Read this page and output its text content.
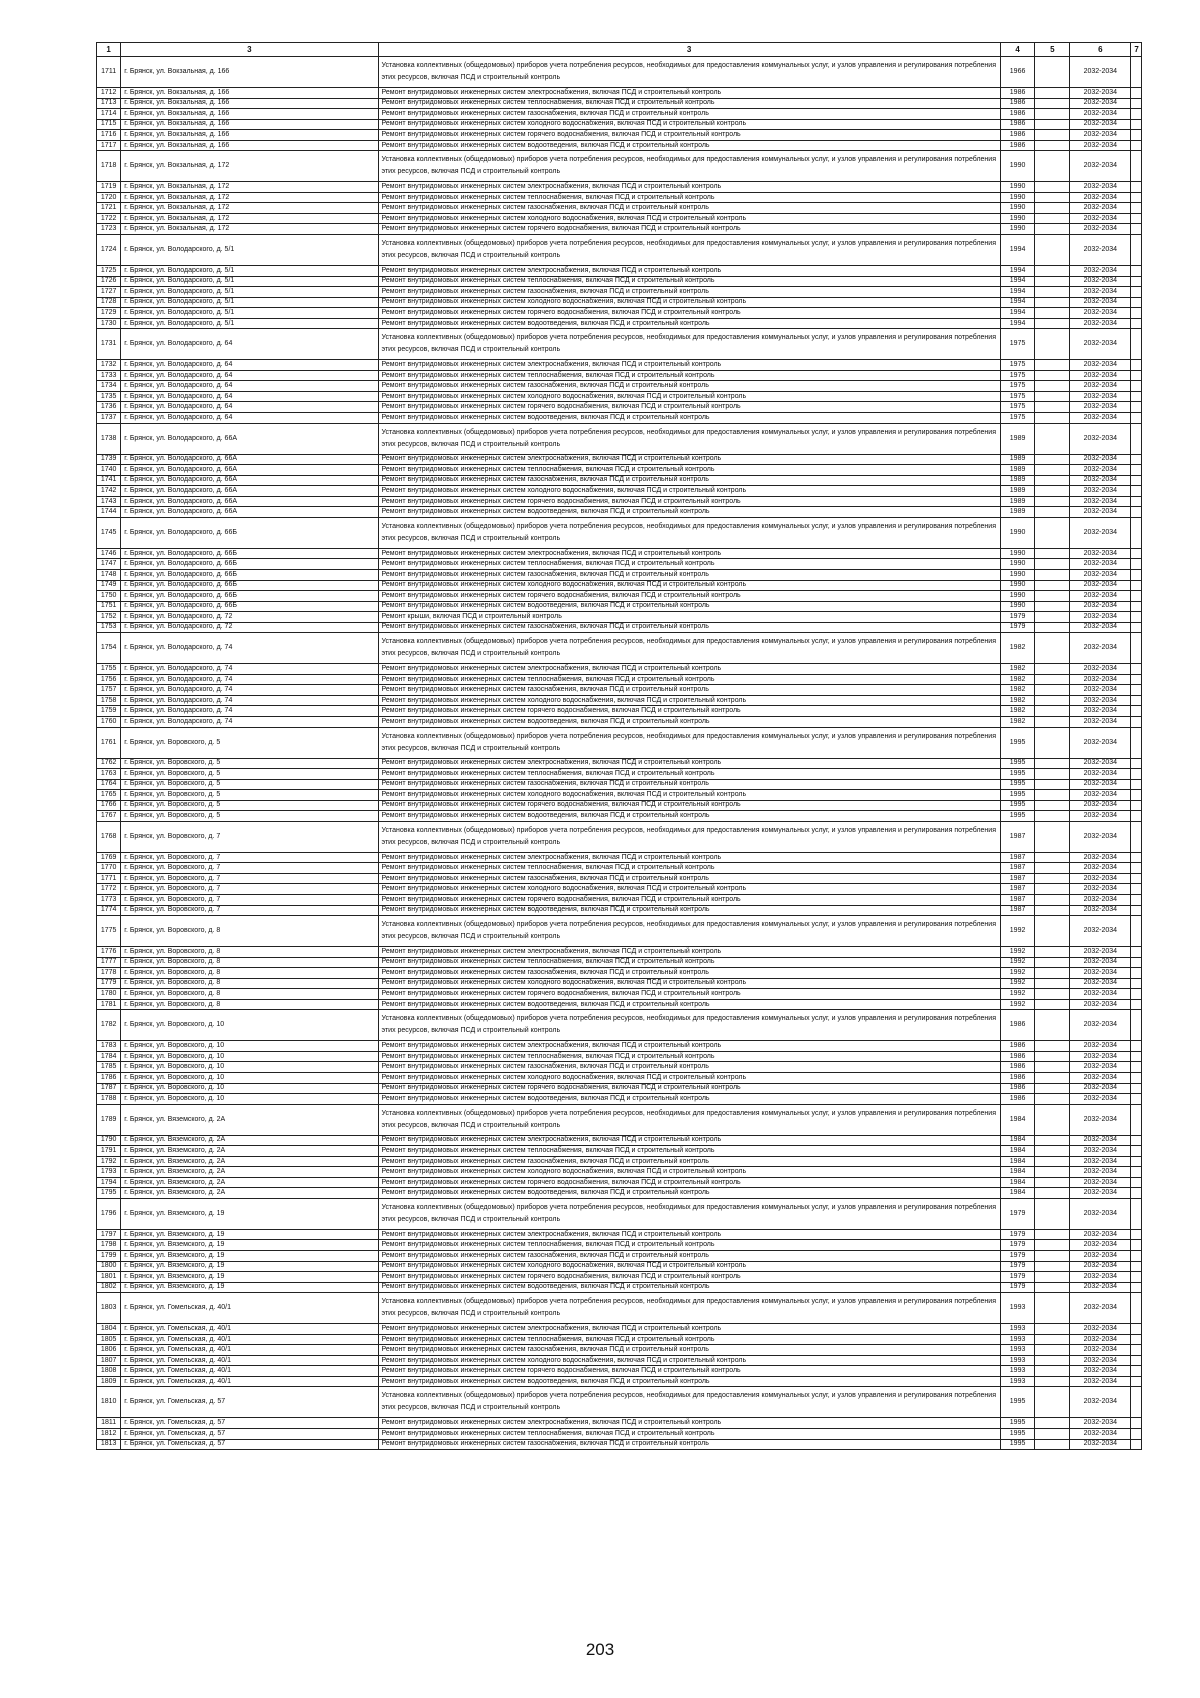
1	3	3	4	5	6	7
1711	г. Брянск, ул. Вокзальная, д. 166	Установка коллективных (общедомовых) приборов учета потребления ресурсов, необходимых для предоставления коммунальных услуг, и узлов управления и регулирования потребления этих ресурсов, включая ПСД и строительный контроль	1966		2032-2034	
1712	г. Брянск, ул. Вокзальная, д. 166	Ремонт внутридомовых инженерных систем электроснабжения, включая ПСД и строительный контроль	1986		2032-2034	
1713	г. Брянск, ул. Вокзальная, д. 166	Ремонт внутридомовых инженерных систем теплоснабжения, включая ПСД и строительный контроль	1986		2032-2034	
1714	г. Брянск, ул. Вокзальная, д. 166	Ремонт внутридомовых инженерных систем газоснабжения, включая ПСД и строительный контроль	1986		2032-2034	
1715	г. Брянск, ул. Вокзальная, д. 166	Ремонт внутридомовых инженерных систем холодного водоснабжения, включая ПСД и строительный контроль	1986		2032-2034	
1716	г. Брянск, ул. Вокзальная, д. 166	Ремонт внутридомовых инженерных систем горячего водоснабжения, включая ПСД и строительный контроль	1986		2032-2034	
1717	г. Брянск, ул. Вокзальная, д. 166	Ремонт внутридомовых инженерных систем водоотведения, включая ПСД и строительный контроль	1986		2032-2034	
1718	г. Брянск, ул. Вокзальная, д. 172	Установка коллективных (общедомовых) приборов учета потребления ресурсов, необходимых для предоставления коммунальных услуг, и узлов управления и регулирования потребления этих ресурсов, включая ПСД и строительный контроль	1990		2032-2034	
1719	г. Брянск, ул. Вокзальная, д. 172	Ремонт внутридомовых инженерных систем электроснабжения, включая ПСД и строительный контроль	1990		2032-2034	
1720	г. Брянск, ул. Вокзальная, д. 172	Ремонт внутридомовых инженерных систем теплоснабжения, включая ПСД и строительный контроль	1990		2032-2034	
1721	г. Брянск, ул. Вокзальная, д. 172	Ремонт внутридомовых инженерных систем газоснабжения, включая ПСД и строительный контроль	1990		2032-2034	
1722	г. Брянск, ул. Вокзальная, д. 172	Ремонт внутридомовых инженерных систем холодного водоснабжения, включая ПСД и строительный контроль	1990		2032-2034	
1723	г. Брянск, ул. Вокзальная, д. 172	Ремонт внутридомовых инженерных систем горячего водоснабжения, включая ПСД и строительный контроль	1990		2032-2034	
1724	г. Брянск, ул. Володарского, д. 5/1	Установка коллективных (общедомовых) приборов учета потребления ресурсов, необходимых для предоставления коммунальных услуг, и узлов управления и регулирования потребления этих ресурсов, включая ПСД и строительный контроль	1994		2032-2034	
1725	г. Брянск, ул. Володарского, д. 5/1	Ремонт внутридомовых инженерных систем электроснабжения, включая ПСД и строительный контроль	1994		2032-2034	
1726	г. Брянск, ул. Володарского, д. 5/1	Ремонт внутридомовых инженерных систем теплоснабжения, включая ПСД и строительный контроль	1994		2032-2034	
1727	г. Брянск, ул. Володарского, д. 5/1	Ремонт внутридомовых инженерных систем газоснабжения, включая ПСД и строительный контроль	1994		2032-2034	
1728	г. Брянск, ул. Володарского, д. 5/1	Ремонт внутридомовых инженерных систем холодного водоснабжения, включая ПСД и строительный контроль	1994		2032-2034	
1729	г. Брянск, ул. Володарского, д. 5/1	Ремонт внутридомовых инженерных систем горячего водоснабжения, включая ПСД и строительный контроль	1994		2032-2034	
1730	г. Брянск, ул. Володарского, д. 5/1	Ремонт внутридомовых инженерных систем водоотведения, включая ПСД и строительный контроль	1994		2032-2034	
1731	г. Брянск, ул. Володарского, д. 64	Установка коллективных (общедомовых) приборов учета потребления ресурсов, необходимых для предоставления коммунальных услуг, и узлов управления и регулирования потребления этих ресурсов, включая ПСД и строительный контроль	1975		2032-2034	
1732	г. Брянск, ул. Володарского, д. 64	Ремонт внутридомовых инженерных систем электроснабжения, включая ПСД и строительный контроль	1975		2032-2034	
1733	г. Брянск, ул. Володарского, д. 64	Ремонт внутридомовых инженерных систем теплоснабжения, включая ПСД и строительный контроль	1975		2032-2034	
1734	г. Брянск, ул. Володарского, д. 64	Ремонт внутридомовых инженерных систем газоснабжения, включая ПСД и строительный контроль	1975		2032-2034	
1735	г. Брянск, ул. Володарского, д. 64	Ремонт внутридомовых инженерных систем холодного водоснабжения, включая ПСД и строительный контроль	1975		2032-2034	
1736	г. Брянск, ул. Володарского, д. 64	Ремонт внутридомовых инженерных систем горячего водоснабжения, включая ПСД и строительный контроль	1975		2032-2034	
1737	г. Брянск, ул. Володарского, д. 64	Ремонт внутридомовых инженерных систем водоотведения, включая ПСД и строительный контроль	1975		2032-2034	
1738	г. Брянск, ул. Володарского, д. 66А	Установка коллективных (общедомовых) приборов учета потребления ресурсов, необходимых для предоставления коммунальных услуг, и узлов управления и регулирования потребления этих ресурсов, включая ПСД и строительный контроль	1989		2032-2034	
1739	г. Брянск, ул. Володарского, д. 66А	Ремонт внутридомовых инженерных систем электроснабжения, включая ПСД и строительный контроль	1989		2032-2034	
1740	г. Брянск, ул. Володарского, д. 66А	Ремонт внутридомовых инженерных систем теплоснабжения, включая ПСД и строительный контроль	1989		2032-2034	
1741	г. Брянск, ул. Володарского, д. 66А	Ремонт внутридомовых инженерных систем газоснабжения, включая ПСД и строительный контроль	1989		2032-2034	
1742	г. Брянск, ул. Володарского, д. 66А	Ремонт внутридомовых инженерных систем холодного водоснабжения, включая ПСД и строительный контроль	1989		2032-2034	
1743	г. Брянск, ул. Володарского, д. 66А	Ремонт внутридомовых инженерных систем горячего водоснабжения, включая ПСД и строительный контроль	1989		2032-2034	
1744	г. Брянск, ул. Володарского, д. 66А	Ремонт внутридомовых инженерных систем водоотведения, включая ПСД и строительный контроль	1989		2032-2034	
1745	г. Брянск, ул. Володарского, д. 66Б	Установка коллективных (общедомовых) приборов учета потребления ресурсов, необходимых для предоставления коммунальных услуг, и узлов управления и регулирования потребления этих ресурсов, включая ПСД и строительный контроль	1990		2032-2034	
1746	г. Брянск, ул. Володарского, д. 66Б	Ремонт внутридомовых инженерных систем электроснабжения, включая ПСД и строительный контроль	1990		2032-2034	
1747	г. Брянск, ул. Володарского, д. 66Б	Ремонт внутридомовых инженерных систем теплоснабжения, включая ПСД и строительный контроль	1990		2032-2034	
1748	г. Брянск, ул. Володарского, д. 66Б	Ремонт внутридомовых инженерных систем газоснабжения, включая ПСД и строительный контроль	1990		2032-2034	
1749	г. Брянск, ул. Володарского, д. 66Б	Ремонт внутридомовых инженерных систем холодного водоснабжения, включая ПСД и строительный контроль	1990		2032-2034	
1750	г. Брянск, ул. Володарского, д. 66Б	Ремонт внутридомовых инженерных систем горячего водоснабжения, включая ПСД и строительный контроль	1990		2032-2034	
1751	г. Брянск, ул. Володарского, д. 66Б	Ремонт внутридомовых инженерных систем водоотведения, включая ПСД и строительный контроль	1990		2032-2034	
1752	г. Брянск, ул. Володарского, д. 72	Ремонт крыши, включая ПСД и строительный контроль	1979		2032-2034	
1753	г. Брянск, ул. Володарского, д. 72	Ремонт внутридомовых инженерных систем газоснабжения, включая ПСД и строительный контроль	1979		2032-2034	
1754	г. Брянск, ул. Володарского, д. 74	Установка коллективных (общедомовых) приборов учета потребления ресурсов, необходимых для предоставления коммунальных услуг, и узлов управления и регулирования потребления этих ресурсов, включая ПСД и строительный контроль	1982		2032-2034	
1755	г. Брянск, ул. Володарского, д. 74	Ремонт внутридомовых инженерных систем электроснабжения, включая ПСД и строительный контроль	1982		2032-2034	
1756	г. Брянск, ул. Володарского, д. 74	Ремонт внутридомовых инженерных систем теплоснабжения, включая ПСД и строительный контроль	1982		2032-2034	
1757	г. Брянск, ул. Володарского, д. 74	Ремонт внутридомовых инженерных систем газоснабжения, включая ПСД и строительный контроль	1982		2032-2034	
1758	г. Брянск, ул. Володарского, д. 74	Ремонт внутридомовых инженерных систем холодного водоснабжения, включая ПСД и строительный контроль	1982		2032-2034	
1759	г. Брянск, ул. Володарского, д. 74	Ремонт внутридомовых инженерных систем горячего водоснабжения, включая ПСД и строительный контроль	1982		2032-2034	
1760	г. Брянск, ул. Володарского, д. 74	Ремонт внутридомовых инженерных систем водоотведения, включая ПСД и строительный контроль	1982		2032-2034	
1761	г. Брянск, ул. Воровского, д. 5	Установка коллективных (общедомовых) приборов учета потребления ресурсов, необходимых для предоставления коммунальных услуг, и узлов управления и регулирования потребления этих ресурсов, включая ПСД и строительный контроль	1995		2032-2034	
1762	г. Брянск, ул. Воровского, д. 5	Ремонт внутридомовых инженерных систем электроснабжения, включая ПСД и строительный контроль	1995		2032-2034	
1763	г. Брянск, ул. Воровского, д. 5	Ремонт внутридомовых инженерных систем теплоснабжения, включая ПСД и строительный контроль	1995		2032-2034	
1764	г. Брянск, ул. Воровского, д. 5	Ремонт внутридомовых инженерных систем газоснабжения, включая ПСД и строительный контроль	1995		2032-2034	
1765	г. Брянск, ул. Воровского, д. 5	Ремонт внутридомовых инженерных систем холодного водоснабжения, включая ПСД и строительный контроль	1995		2032-2034	
1766	г. Брянск, ул. Воровского, д. 5	Ремонт внутридомовых инженерных систем горячего водоснабжения, включая ПСД и строительный контроль	1995		2032-2034	
1767	г. Брянск, ул. Воровского, д. 5	Ремонт внутридомовых инженерных систем водоотведения, включая ПСД и строительный контроль	1995		2032-2034	
1768	г. Брянск, ул. Воровского, д. 7	Установка коллективных (общедомовых) приборов учета потребления ресурсов, необходимых для предоставления коммунальных услуг, и узлов управления и регулирования потребления этих ресурсов, включая ПСД и строительный контроль	1987		2032-2034	
1769	г. Брянск, ул. Воровского, д. 7	Ремонт внутридомовых инженерных систем электроснабжения, включая ПСД и строительный контроль	1987		2032-2034	
1770	г. Брянск, ул. Воровского, д. 7	Ремонт внутридомовых инженерных систем теплоснабжения, включая ПСД и строительный контроль	1987		2032-2034	
1771	г. Брянск, ул. Воровского, д. 7	Ремонт внутридомовых инженерных систем газоснабжения, включая ПСД и строительный контроль	1987		2032-2034	
1772	г. Брянск, ул. Воровского, д. 7	Ремонт внутридомовых инженерных систем холодного водоснабжения, включая ПСД и строительный контроль	1987		2032-2034	
1773	г. Брянск, ул. Воровского, д. 7	Ремонт внутридомовых инженерных систем горячего водоснабжения, включая ПСД и строительный контроль	1987		2032-2034	
1774	г. Брянск, ул. Воровского, д. 7	Ремонт внутридомовых инженерных систем водоотведения, включая ПСД и строительный контроль	1987		2032-2034	
1775	г. Брянск, ул. Воровского, д. 8	Установка коллективных (общедомовых) приборов учета потребления ресурсов, необходимых для предоставления коммунальных услуг, и узлов управления и регулирования потребления этих ресурсов, включая ПСД и строительный контроль	1992		2032-2034	
1776	г. Брянск, ул. Воровского, д. 8	Ремонт внутридомовых инженерных систем электроснабжения, включая ПСД и строительный контроль	1992		2032-2034	
1777	г. Брянск, ул. Воровского, д. 8	Ремонт внутридомовых инженерных систем теплоснабжения, включая ПСД и строительный контроль	1992		2032-2034	
1778	г. Брянск, ул. Воровского, д. 8	Ремонт внутридомовых инженерных систем газоснабжения, включая ПСД и строительный контроль	1992		2032-2034	
1779	г. Брянск, ул. Воровского, д. 8	Ремонт внутридомовых инженерных систем холодного водоснабжения, включая ПСД и строительный контроль	1992		2032-2034	
1780	г. Брянск, ул. Воровского, д. 8	Ремонт внутридомовых инженерных систем горячего водоснабжения, включая ПСД и строительный контроль	1992		2032-2034	
1781	г. Брянск, ул. Воровского, д. 8	Ремонт внутридомовых инженерных систем водоотведения, включая ПСД и строительный контроль	1992		2032-2034	
1782	г. Брянск, ул. Воровского, д. 10	Установка коллективных (общедомовых) приборов учета потребления ресурсов, необходимых для предоставления коммунальных услуг, и узлов управления и регулирования потребления этих ресурсов, включая ПСД и строительный контроль	1986		2032-2034	
1783	г. Брянск, ул. Воровского, д. 10	Ремонт внутридомовых инженерных систем электроснабжения, включая ПСД и строительный контроль	1986		2032-2034	
1784	г. Брянск, ул. Воровского, д. 10	Ремонт внутридомовых инженерных систем теплоснабжения, включая ПСД и строительный контроль	1986		2032-2034	
1785	г. Брянск, ул. Воровского, д. 10	Ремонт внутридомовых инженерных систем газоснабжения, включая ПСД и строительный контроль	1986		2032-2034	
1786	г. Брянск, ул. Воровского, д. 10	Ремонт внутридомовых инженерных систем холодного водоснабжения, включая ПСД и строительный контроль	1986		2032-2034	
1787	г. Брянск, ул. Воровского, д. 10	Ремонт внутридомовых инженерных систем горячего водоснабжения, включая ПСД и строительный контроль	1986		2032-2034	
1788	г. Брянск, ул. Воровского, д. 10	Ремонт внутридомовых инженерных систем водоотведения, включая ПСД и строительный контроль	1986		2032-2034	
1789	г. Брянск, ул. Вяземского, д. 2А	Установка коллективных (общедомовых) приборов учета потребления ресурсов, необходимых для предоставления коммунальных услуг, и узлов управления и регулирования потребления этих ресурсов, включая ПСД и строительный контроль	1984		2032-2034	
1790	г. Брянск, ул. Вяземского, д. 2А	Ремонт внутридомовых инженерных систем электроснабжения, включая ПСД и строительный контроль	1984		2032-2034	
1791	г. Брянск, ул. Вяземского, д. 2А	Ремонт внутридомовых инженерных систем теплоснабжения, включая ПСД и строительный контроль	1984		2032-2034	
1792	г. Брянск, ул. Вяземского, д. 2А	Ремонт внутридомовых инженерных систем газоснабжения, включая ПСД и строительный контроль	1984		2032-2034	
1793	г. Брянск, ул. Вяземского, д. 2А	Ремонт внутридомовых инженерных систем холодного водоснабжения, включая ПСД и строительный контроль	1984		2032-2034	
1794	г. Брянск, ул. Вяземского, д. 2А	Ремонт внутридомовых инженерных систем горячего водоснабжения, включая ПСД и строительный контроль	1984		2032-2034	
1795	г. Брянск, ул. Вяземского, д. 2А	Ремонт внутридомовых инженерных систем водоотведения, включая ПСД и строительный контроль	1984		2032-2034	
1796	г. Брянск, ул. Вяземского, д. 19	Установка коллективных (общедомовых) приборов учета потребления ресурсов, необходимых для предоставления коммунальных услуг, и узлов управления и регулирования потребления этих ресурсов, включая ПСД и строительный контроль	1979		2032-2034	
1797	г. Брянск, ул. Вяземского, д. 19	Ремонт внутридомовых инженерных систем электроснабжения, включая ПСД и строительный контроль	1979		2032-2034	
1798	г. Брянск, ул. Вяземского, д. 19	Ремонт внутридомовых инженерных систем теплоснабжения, включая ПСД и строительный контроль	1979		2032-2034	
1799	г. Брянск, ул. Вяземского, д. 19	Ремонт внутридомовых инженерных систем газоснабжения, включая ПСД и строительный контроль	1979		2032-2034	
1800	г. Брянск, ул. Вяземского, д. 19	Ремонт внутридомовых инженерных систем холодного водоснабжения, включая ПСД и строительный контроль	1979		2032-2034	
1801	г. Брянск, ул. Вяземского, д. 19	Ремонт внутридомовых инженерных систем горячего водоснабжения, включая ПСД и строительный контроль	1979		2032-2034	
1802	г. Брянск, ул. Вяземского, д. 19	Ремонт внутридомовых инженерных систем водоотведения, включая ПСД и строительный контроль	1979		2032-2034	
1803	г. Брянск, ул. Гомельская, д. 40/1	Установка коллективных (общедомовых) приборов учета потребления ресурсов, необходимых для предоставления коммунальных услуг, и узлов управления и регулирования потребления этих ресурсов, включая ПСД и строительный контроль	1993		2032-2034	
1804	г. Брянск, ул. Гомельская, д. 40/1	Ремонт внутридомовых инженерных систем электроснабжения, включая ПСД и строительный контроль	1993		2032-2034	
1805	г. Брянск, ул. Гомельская, д. 40/1	Ремонт внутридомовых инженерных систем теплоснабжения, включая ПСД и строительный контроль	1993		2032-2034	
1806	г. Брянск, ул. Гомельская, д. 40/1	Ремонт внутридомовых инженерных систем газоснабжения, включая ПСД и строительный контроль	1993		2032-2034	
1807	г. Брянск, ул. Гомельская, д. 40/1	Ремонт внутридомовых инженерных систем холодного водоснабжения, включая ПСД и строительный контроль	1993		2032-2034	
1808	г. Брянск, ул. Гомельская, д. 40/1	Ремонт внутридомовых инженерных систем горячего водоснабжения, включая ПСД и строительный контроль	1993		2032-2034	
1809	г. Брянск, ул. Гомельская, д. 40/1	Ремонт внутридомовых инженерных систем водоотведения, включая ПСД и строительный контроль	1993		2032-2034	
1810	г. Брянск, ул. Гомельская, д. 57	Установка коллективных (общедомовых) приборов учета потребления ресурсов, необходимых для предоставления коммунальных услуг, и узлов управления и регулирования потребления этих ресурсов, включая ПСД и строительный контроль	1995		2032-2034	
1811	г. Брянск, ул. Гомельская, д. 57	Ремонт внутридомовых инженерных систем электроснабжения, включая ПСД и строительный контроль	1995		2032-2034	
1812	г. Брянск, ул. Гомельская, д. 57	Ремонт внутридомовых инженерных систем теплоснабжения, включая ПСД и строительный контроль	1995		2032-2034	
1813	г. Брянск, ул. Гомельская, д. 57	Ремонт внутридомовых инженерных систем газоснабжения, включая ПСД и строительный контроль	1995		2032-2034	
203
